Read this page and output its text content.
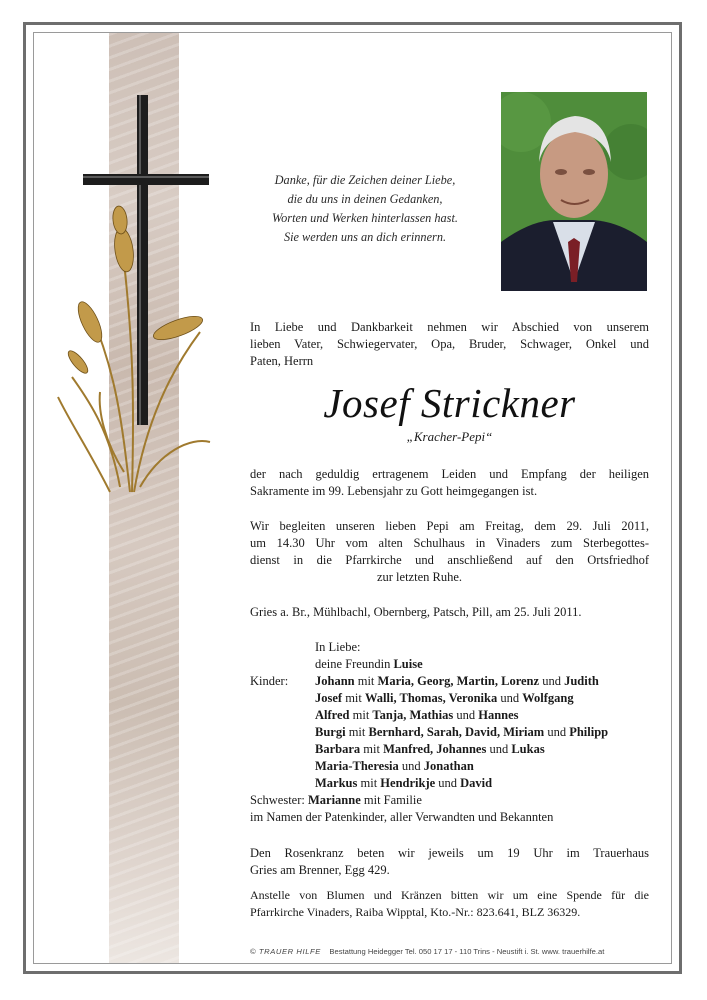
Danke, für die Zeichen deiner Liebe,
die du uns in deinen Gedanken,
Worten und Werken hinterlassen hast.
Sie werden uns an dich erinnern.
In Liebe und Dankbarkeit nehmen wir Abschied von unserem
lieben Vater, Schwiegervater, Opa, Bruder, Schwager, Onkel und
Paten, Herrn
Josef Strickner
„Kracher-Pepi“
der nach geduldig ertragenem Leiden und Empfang der heiligen
Sakramente im 99. Lebensjahr zu Gott heimgegangen ist.
Wir begleiten unseren lieben Pepi am Freitag, dem 29. Juli 2011,
um 14.30 Uhr vom alten Schulhaus in Vinaders zum Sterbegottes-
dienst in die Pfarrkirche und anschließend auf den Ortsfriedhof
zur letzten Ruhe.
Gries a. Br., Mühlbachl, Obernberg, Patsch, Pill, am 25. Juli 2011.
In Liebe:
deine Freundin Luise
Kinder: Johann mit Maria, Georg, Martin, Lorenz und Judith
Josef mit Walli, Thomas, Veronika und Wolfgang
Alfred mit Tanja, Mathias und Hannes
Burgi mit Bernhard, Sarah, David, Miriam und Philipp
Barbara mit Manfred, Johannes und Lukas
Maria-Theresia und Jonathan
Markus mit Hendrikje und David
Schwester: Marianne mit Familie
im Namen der Patenkinder, aller Verwandten und Bekannten
Den Rosenkranz beten wir jeweils um 19 Uhr im Trauerhaus
Gries am Brenner, Egg 429.
Anstelle von Blumen und Kränzen bitten wir um eine Spende für die
Pfarrkirche Vinaders, Raiba Wipptal, Kto.-Nr.: 823.641, BLZ 36329.
© TRAUER HILFE Bestattung Heidegger Tel. 050 17 17 - 110 Trins - Neustift i. St. www. trauerhilfe.at
